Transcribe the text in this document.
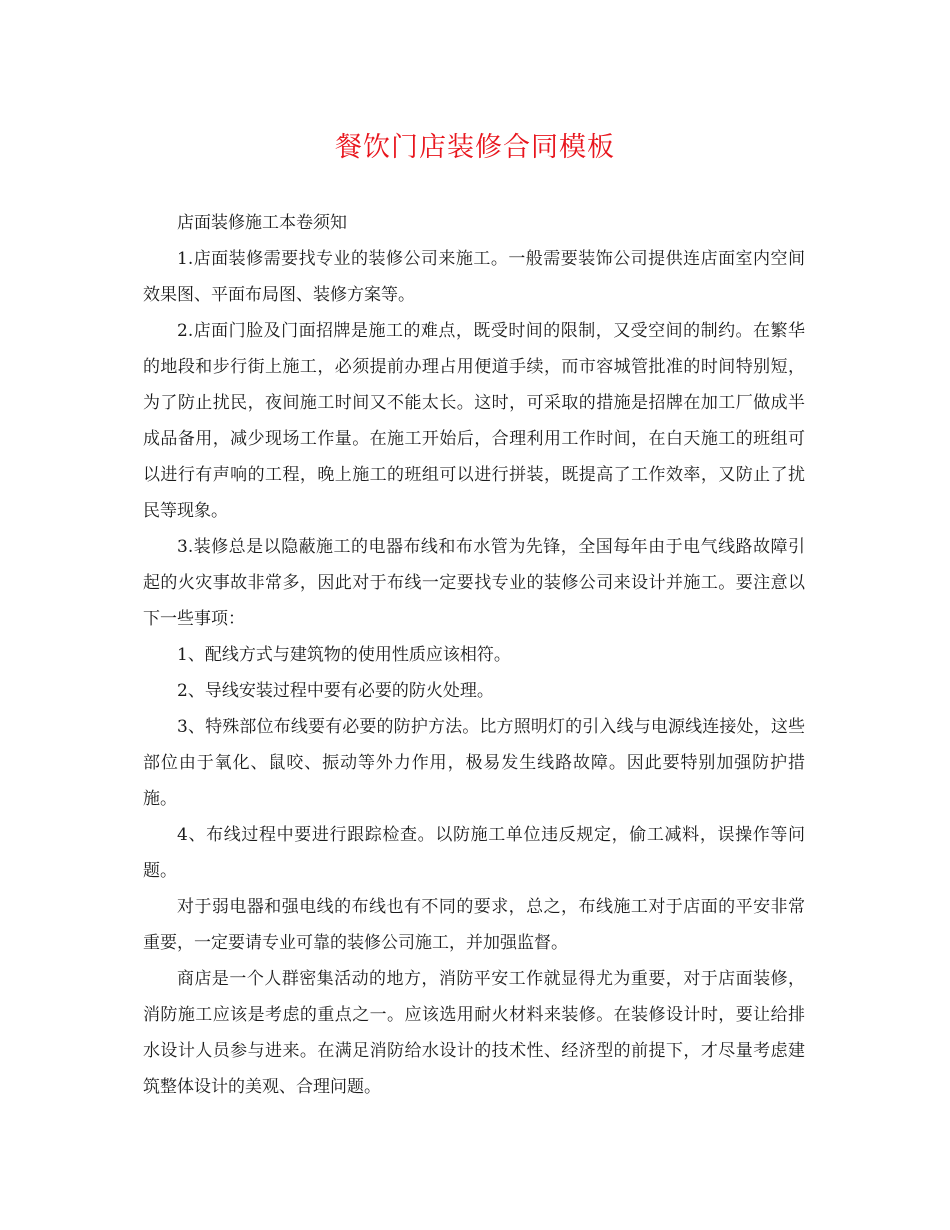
餐饮门店装修合同模板

店面装修施工本卷须知

1.店面装修需要找专业的装修公司来施工。一般需要装饰公司提供连店面室内空间效果图、平面布局图、装修方案等。

2.店面门脸及门面招牌是施工的难点，既受时间的限制，又受空间的制约。在繁华的地段和步行街上施工，必须提前办理占用便道手续，而市容城管批准的时间特别短，为了防止扰民，夜间施工时间又不能太长。这时，可采取的措施是招牌在加工厂做成半成品备用，减少现场工作量。在施工开始后，合理利用工作时间，在白天施工的班组可以进行有声响的工程，晚上施工的班组可以进行拼装，既提高了工作效率，又防止了扰民等现象。

3.装修总是以隐蔽施工的电器布线和布水管为先锋，全国每年由于电气线路故障引起的火灾事故非常多，因此对于布线一定要找专业的装修公司来设计并施工。要注意以下一些事项：

1、配线方式与建筑物的使用性质应该相符。

2、导线安装过程中要有必要的防火处理。

3、特殊部位布线要有必要的防护方法。比方照明灯的引入线与电源线连接处，这些部位由于氧化、鼠咬、振动等外力作用，极易发生线路故障。因此要特别加强防护措施。

4、布线过程中要进行跟踪检查。以防施工单位违反规定，偷工减料，误操作等问题。

对于弱电器和强电线的布线也有不同的要求，总之，布线施工对于店面的平安非常重要，一定要请专业可靠的装修公司施工，并加强监督。

商店是一个人群密集活动的地方，消防平安工作就显得尤为重要，对于店面装修，消防施工应该是考虑的重点之一。应该选用耐火材料来装修。在装修设计时，要让给排水设计人员参与进来。在满足消防给水设计的技术性、经济型的前提下，才尽量考虑建筑整体设计的美观、合理问题。
